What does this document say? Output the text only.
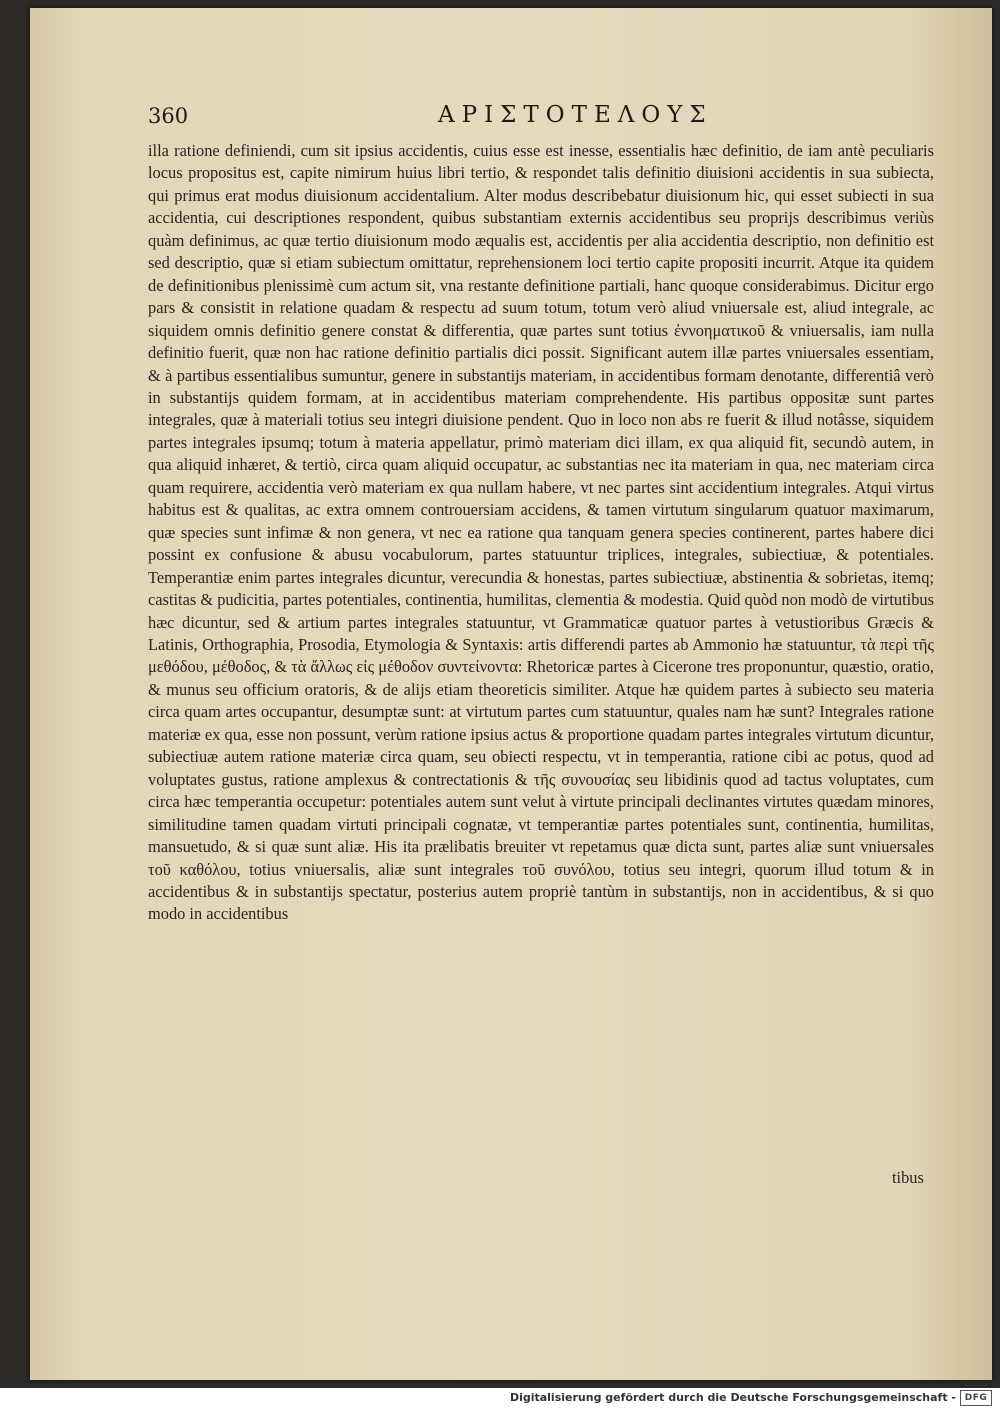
360	ΑΡΙΣΤΟΤΕΛΟΥΣ
illa ratione definiendi, cum sit ipsius accidentis, cuius esse est inesse, essentialis hæc definitio, de iam antè peculiaris locus propositus est, capite nimirum huius libri tertio, & respondet talis definitio diuisioni accidentis in sua subiecta, qui primus erat modus diuisionum accidentalium. Alter modus describebatur diuisionum hic, qui esset subiecti in sua accidentia, cui descriptiones respondent, quibus substantiam externis accidentibus seu proprijs describimus veriùs quàm definimus, ac quæ tertio diuisionum modo æqualis est, accidentis per alia accidentia descriptio, non definitio est sed descriptio, quæ si etiam subiectum omittatur, reprehensionem loci tertio capite propositi incurrit. Atque ita quidem de definitionibus plenissimè cum actum sit, vna restante definitione partiali, hanc quoque considerabimus. Dicitur ergo pars & consistit in relatione quadam & respectu ad suum totum, totum verò aliud vniuersale est, aliud integrale, ac siquidem omnis definitio genere constat & differentia, quæ partes sunt totius ἐννοηματικοῦ & vniuersalis, iam nulla definitio fuerit, quæ non hac ratione definitio partialis dici possit. Significant autem illæ partes vniuersales essentiam, & à partibus essentialibus sumuntur, genere in substantijs materiam, in accidentibus formam denotante, differentiâ verò in substantijs quidem formam, at in accidentibus materiam comprehendente. His partibus oppositæ sunt partes integrales, quæ à materiali totius seu integri diuisione pendent. Quo in loco non abs re fuerit & illud notâsse, siquidem partes integrales ipsumq; totum à materia appellatur, primò materiam dici illam, ex qua aliquid fit, secundò autem, in qua aliquid inhæret, & tertiò, circa quam aliquid occupatur, ac substantias nec ita materiam in qua, nec materiam circa quam requirere, accidentia verò materiam ex qua nullam habere, vt nec partes sint accidentium integrales. Atqui virtus habitus est & qualitas, ac extra omnem controuersiam accidens, & tamen virtutum singularum quatuor maximarum, quæ species sunt infimæ & non genera, vt nec ea ratione qua tanquam genera species continerent, partes habere dici possint ex confusione & abusu vocabulorum, partes statuuntur triplices, integrales, subiectiuæ, & potentiales. Temperantiæ enim partes integrales dicuntur, verecundia & honestas, partes subiectiuæ, abstinentia & sobrietas, itemq; castitas & pudicitia, partes potentiales, continentia, humilitas, clementia & modestia. Quid quòd non modò de virtutibus hæc dicuntur, sed & artium partes integrales statuuntur, vt Grammaticæ quatuor partes à vetustioribus Græcis & Latinis, Orthographia, Prosodia, Etymologia & Syntaxis: artis differendi partes ab Ammonio hæ statuuntur, τὰ περὶ τῆς μεθόδου, μέθοδος, & τὰ ἄλλως εἰς μέθοδον συντείνοντα: Rhetoricæ partes à Cicerone tres proponuntur, quæstio, oratio, & munus seu officium oratoris, & de alijs etiam theoreticis similiter. Atque hæ quidem partes à subiecto seu materia circa quam artes occupantur, desumptæ sunt: at virtutum partes cum statuuntur, quales nam hæ sunt? Integrales ratione materiæ ex qua, esse non possunt, verùm ratione ipsius actus & proportione quadam partes integrales virtutum dicuntur, subiectiuæ autem ratione materiæ circa quam, seu obiecti respectu, vt in temperantia, ratione cibi ac potus, quod ad voluptates gustus, ratione amplexus & contrectationis & τῆς συνουσίας seu libidinis quod ad tactus voluptates, cum circa hæc temperantia occupetur: potentiales autem sunt velut à virtute principali declinantes virtutes quædam minores, similitudine tamen quadam virtuti principali cognatæ, vt temperantiæ partes potentiales sunt, continentia, humilitas, mansuetudo, & si quæ sunt aliæ. His ita prælibatis breuiter vt repetamus quæ dicta sunt, partes aliæ sunt vniuersales τοῦ καθόλου, totius vniuersalis, aliæ sunt integrales τοῦ συνόλου, totius seu integri, quorum illud totum & in accidentibus & in substantijs spectatur, posterius autem propriè tantùm in substantijs, non in accidentibus, & si quo modo in accidentibus
tibus
Digitalisierung gefördert durch die Deutsche Forschungsgemeinschaft - DFG
